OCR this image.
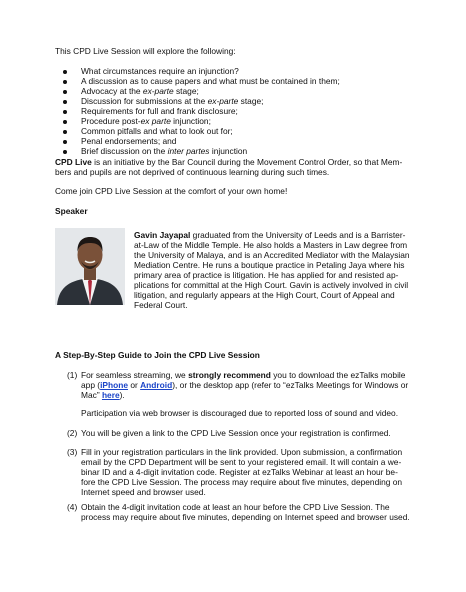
This CPD Live Session will explore the following:
What circumstances require an injunction?
A discussion as to cause papers and what must be contained in them;
Advocacy at the ex-parte stage;
Discussion for submissions at the ex-parte stage;
Requirements for full and frank disclosure;
Procedure post-ex parte injunction;
Common pitfalls and what to look out for;
Penal endorsements; and
Brief discussion on the inter partes injunction
CPD Live is an initiative by the Bar Council during the Movement Control Order, so that Mem-
bers and pupils are not deprived of continuous learning during such times.
Come join CPD Live Session at the comfort of your own home!
Speaker
Gavin Jayapal graduated from the University of Leeds and is a Barrister-
at-Law of the Middle Temple. He also holds a Masters in Law degree from
the University of Malaya, and is an Accredited Mediator with the Malaysian
Mediation Centre. He runs a boutique practice in Petaling Jaya where his
primary area of practice is litigation. He has applied for and resisted ap-
plications for committal at the High Court. Gavin is actively involved in civil
litigation, and regularly appears at the High Court, Court of Appeal and
Federal Court.
A Step-By-Step Guide to Join the CPD Live Session
(1) For seamless streaming, we strongly recommend you to download the ezTalks mobile
app (iPhone or Android), or the desktop app (refer to “ezTalks Meetings for Windows or
Mac” here).
Participation via web browser is discouraged due to reported loss of sound and video.
(2) You will be given a link to the CPD Live Session once your registration is confirmed.
(3) Fill in your registration particulars in the link provided. Upon submission, a confirmation
email by the CPD Department will be sent to your registered email. It will contain a we-
binar ID and a 4-digit invitation code. Register at ezTalks Webinar at least an hour be-
fore the CPD Live Session. The process may require about five minutes, depending on
Internet speed and browser used.
(4) Obtain the 4-digit invitation code at least an hour before the CPD Live Session. The
process may require about five minutes, depending on Internet speed and browser used.
